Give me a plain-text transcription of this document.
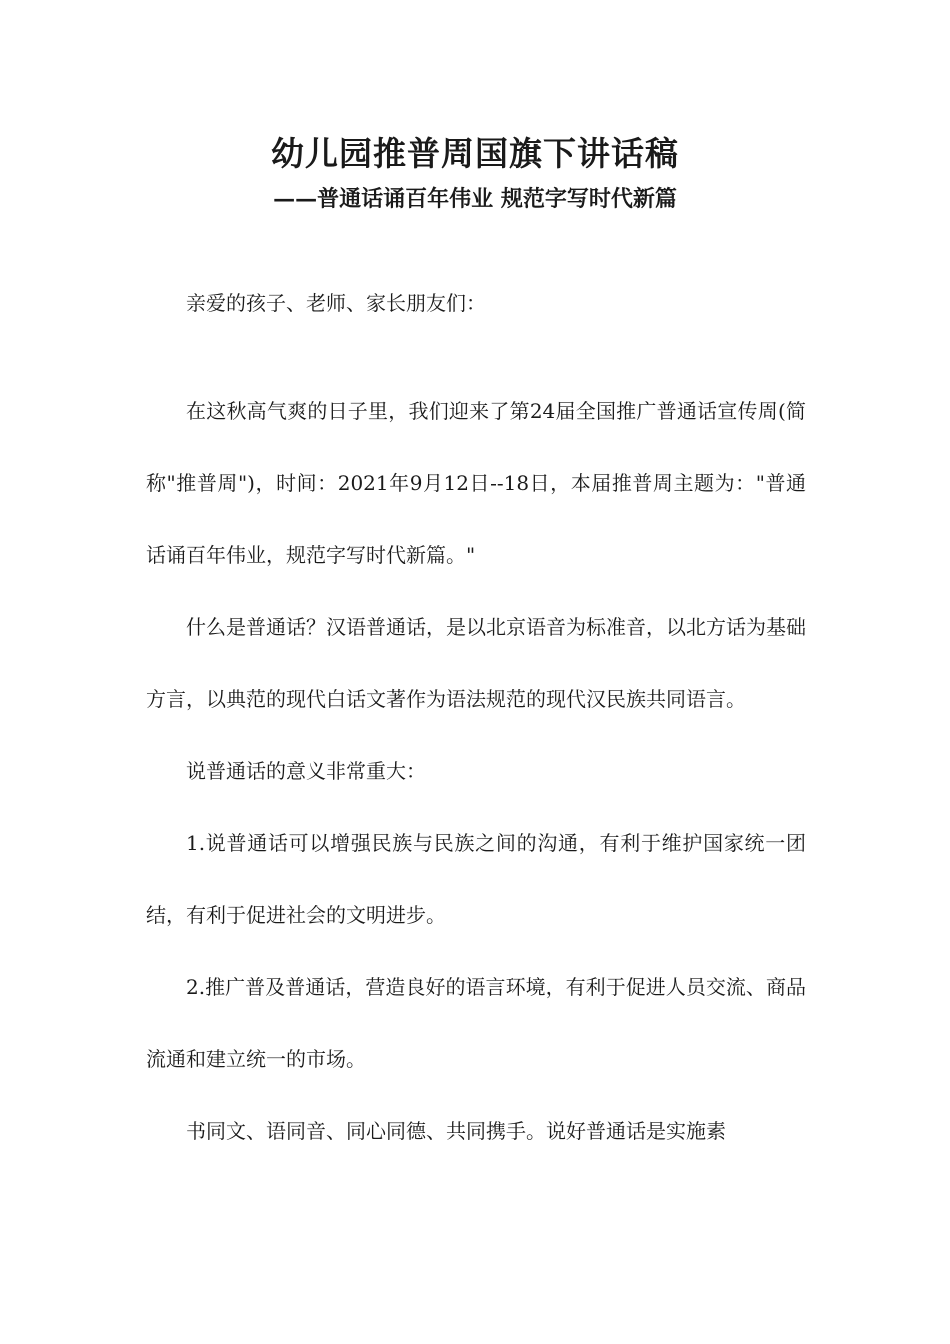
幼儿园推普周国旗下讲话稿
——普通话诵百年伟业 规范字写时代新篇

亲爱的孩子、老师、家长朋友们：

在这秋高气爽的日子里，我们迎来了第24届全国推广普通话宣传周(简称"推普周")，时间：2021年9月12日--18日，本届推普周主题为："普通话诵百年伟业，规范字写时代新篇。"

什么是普通话？汉语普通话，是以北京语音为标准音，以北方话为基础方言，以典范的现代白话文著作为语法规范的现代汉民族共同语言。

说普通话的意义非常重大：

1.说普通话可以增强民族与民族之间的沟通，有利于维护国家统一团结，有利于促进社会的文明进步。

2.推广普及普通话，营造良好的语言环境，有利于促进人员交流、商品流通和建立统一的市场。

书同文、语同音、同心同德、共同携手。说好普通话是实施素
